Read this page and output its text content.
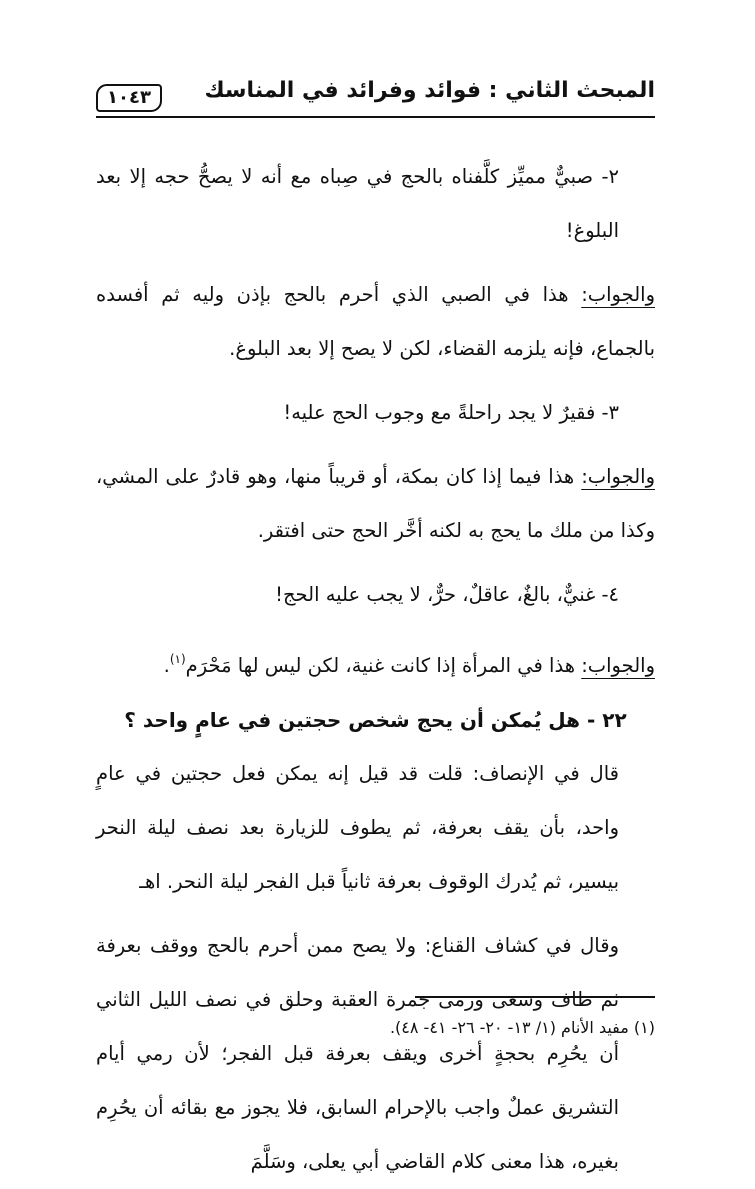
المبحث الثاني : فوائد وفرائد في المناسك
١٠٤٣

٢- صبيٌّ مميِّز كلَّفناه بالحج في صِباه مع أنه لا يصحُّ حجه إلا بعد البلوغ!

والجواب: هذا في الصبي الذي أحرم بالحج بإذن وليه ثم أفسده بالجماع، فإنه يلزمه القضاء، لكن لا يصح إلا بعد البلوغ.

٣- فقيرٌ لا يجد راحلةً مع وجوب الحج عليه!

والجواب: هذا فيما إذا كان بمكة، أو قريباً منها، وهو قادرٌ على المشي، وكذا من ملك ما يحج به لكنه أخَّر الحج حتى افتقر.

٤- غنيٌّ، بالغٌ، عاقلٌ، حرٌّ، لا يجب عليه الحج!

والجواب: هذا في المرأة إذا كانت غنية، لكن ليس لها مَحْرَم$^{(١)}$.

٢٢ - هل يُمكن أن يحج شخص حجتين في عامٍ واحد ؟

قال في الإنصاف: قلت قد قيل إنه يمكن فعل حجتين في عامٍ واحد، بأن يقف بعرفة، ثم يطوف للزيارة بعد نصف ليلة النحر بيسير، ثم يُدرك الوقوف بعرفة ثانياً قبل الفجر ليلة النحر. اهـ

وقال في كشاف القناع: ولا يصح ممن أحرم بالحج ووقف بعرفة ثم طاف وسعى ورمى جمرة العقبة وحلق في نصف الليل الثاني أن يحُرِم بحجةٍ أخرى ويقف بعرفة قبل الفجر؛ لأن رمي أيام التشريق عملٌ واجب بالإحرام السابق، فلا يجوز مع بقائه أن يحُرِم بغيره، هذا معنى كلام القاضي أبي يعلى، وسَلَّمَ

(١) مفيد الأنام (١/ ١٣- ٢٠- ٢٦- ٤١- ٤٨).
